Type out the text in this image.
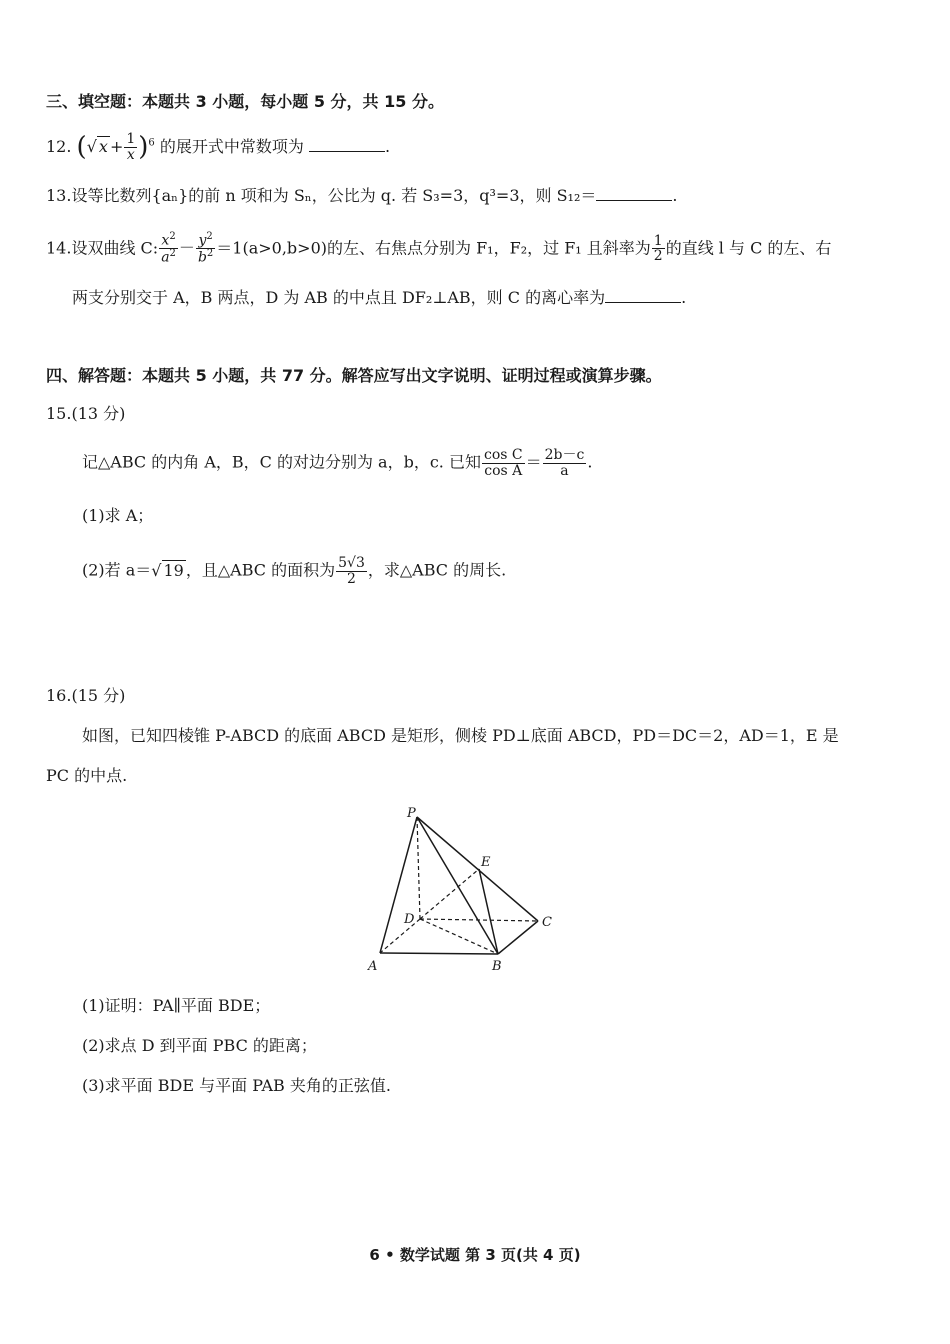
三、填空题：本题共 3 小题，每小题 5 分，共 15 分。
12. (√ $x + \frac{1}{x} )^6$ 的展开式中常数项为	.
13.设等比数列{aₙ}的前 n 项和为 Sₙ，公比为 q. 若 S₃=3，q³=3，则 S₁₂＝	.
14.设双曲线 C: $\frac{x^2}{a^2} - \frac{y^2}{b^2} =1(a>0,b>0)$的左、右焦点分别为 F₁，F₂，过 F₁ 且斜率为 $\frac{1}{2}$ 的直线 l 与 C 的左、右
两支分别交于 A，B 两点，D 为 AB 的中点且 DF₂⊥AB，则 C 的离心率为	.
四、解答题：本题共 5 小题，共 77 分。解答应写出文字说明、证明过程或演算步骤。
15.(13 分)
记△ABC 的内角 A，B，C 的对边分别为 a，b，c. 已知 $\frac{\text{cos C}}{\text{cos A}} = \frac{2b-c}{a}$ .
(1)求 A；
(2)若 a＝√ 19 ，且△ABC 的面积为 $\frac{5√3}{2}$ ，求△ABC 的周长.
16.(15 分)
如图，已知四棱锥 P-ABCD 的底面 ABCD 是矩形，侧棱 PD⊥底面 ABCD，PD＝DC＝2，AD＝1，E 是
PC 的中点.
P
E
D	C
A	B
(1)证明：PA∥平面 BDE；
(2)求点 D 到平面 PBC 的距离；
(3)求平面 BDE 与平面 PAB 夹角的正弦值.
6 • 数学试题 第 3 页(共 4 页)
